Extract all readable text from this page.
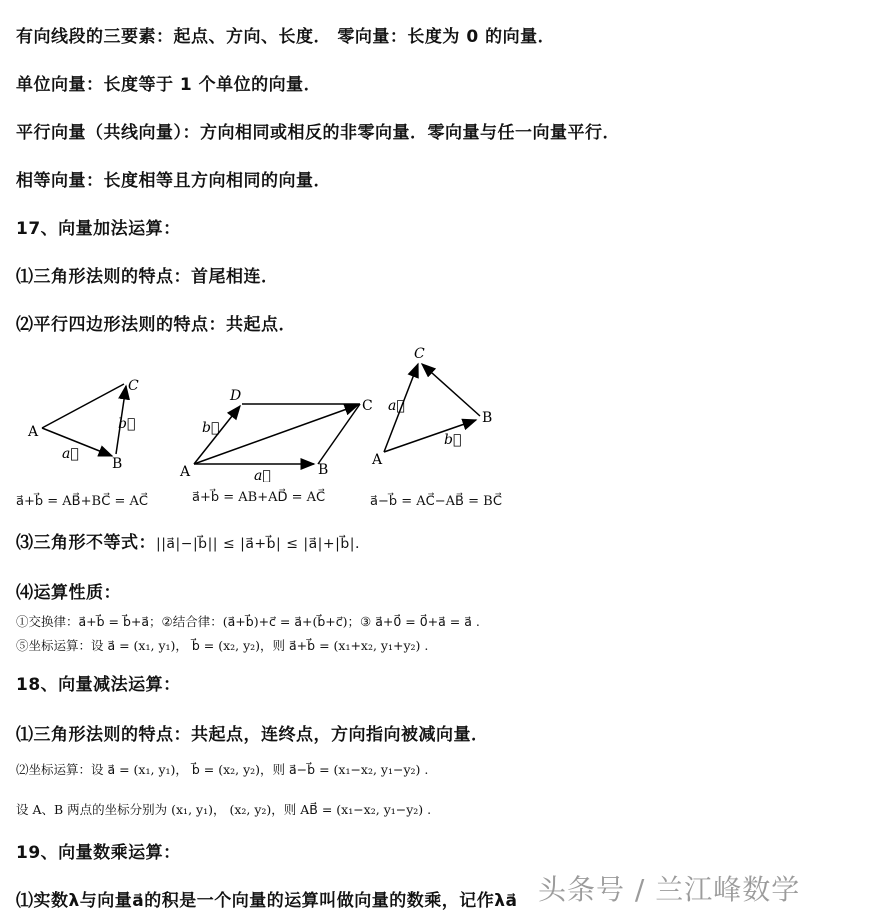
有向线段的三要素：起点、方向、长度． 零向量：长度为 0 的向量．
单位向量：长度等于 1 个单位的向量．
平行向量（共线向量）：方向相同或相反的非零向量．零向量与任一向量平行．
相等向量：长度相等且方向相同的向量．
17、向量加法运算：
⑴三角形法则的特点：首尾相连．
⑵平行四边形法则的特点：共起点．
A
B
C
a⃗
b⃗
a⃗+b⃗ = AB⃗+BC⃗ = AC⃗
A	B
C
D
a⃗
b⃗
a⃗+b⃗ = AB+AD⃗ = AC⃗
A
B
C
a⃗
b⃗
a⃗−b⃗ = AC⃗−AB⃗ = BC⃗
⑶三角形不等式：||a⃗|−|b⃗|| ≤ |a⃗+b⃗| ≤ |a⃗|+|b⃗|.
⑷运算性质：
①交换律：a⃗+b⃗ = b⃗+a⃗；②结合律：(a⃗+b⃗)+c⃗ = a⃗+(b⃗+c⃗)；③ a⃗+0⃗ = 0⃗+a⃗ = a⃗ .
⑤坐标运算：设 a⃗ = (x₁, y₁)， b⃗ = (x₂, y₂)，则 a⃗+b⃗ = (x₁+x₂, y₁+y₂) .
18、向量减法运算：
⑴三角形法则的特点：共起点，连终点，方向指向被减向量．
⑵坐标运算：设 a⃗ = (x₁, y₁)， b⃗ = (x₂, y₂)，则 a⃗−b⃗ = (x₁−x₂, y₁−y₂) .
设 A、B 两点的坐标分别为 (x₁, y₁)， (x₂, y₂)，则 AB⃗ = (x₁−x₂, y₁−y₂) .
19、向量数乘运算：
⑴实数λ与向量a⃗的积是一个向量的运算叫做向量的数乘，记作λa⃗ 头条号 / 兰江峰数学
